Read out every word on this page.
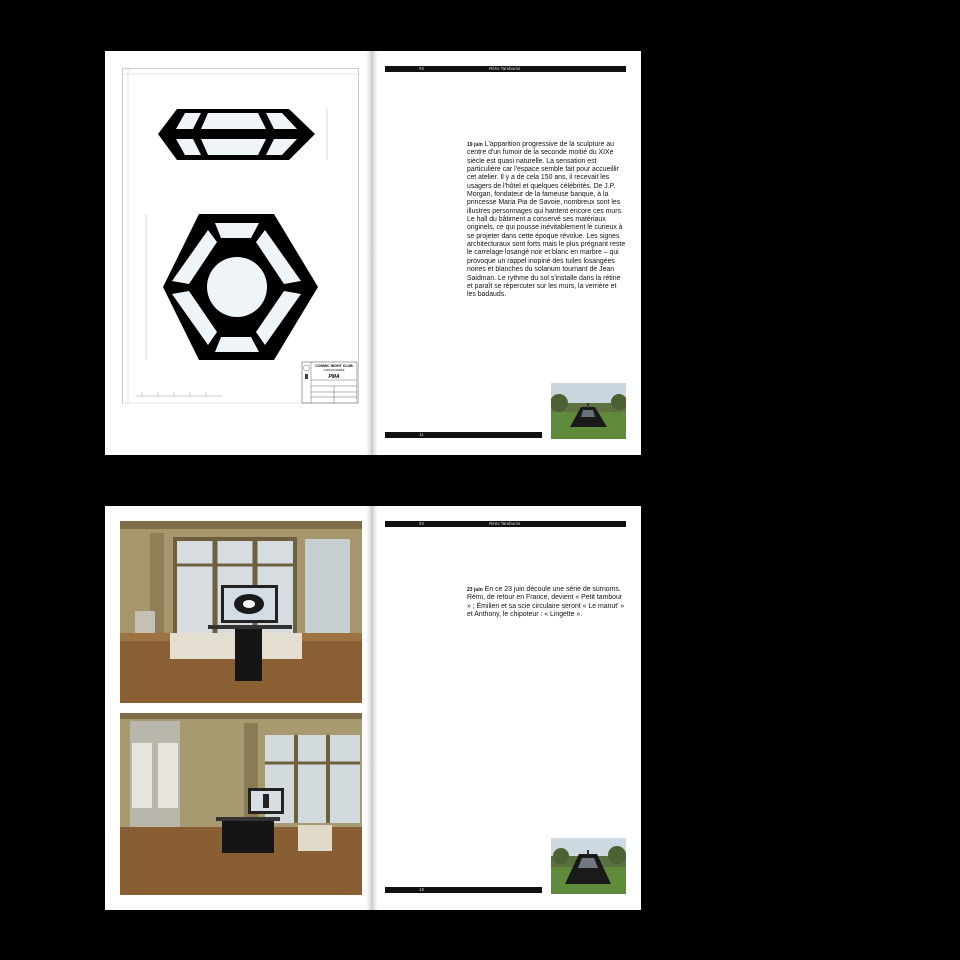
COSMIC NIGHT CLUB
CAPSULE MOBILE
PMA
#2	Rémi Tamburini
19 juin L'apparition progressive de la sculpture au centre d'un fumoir de la seconde moitié du XIXe siècle est quasi naturelle. La sensation est particulière car l'espace semble fait pour accueillir cet atelier. Il y a de cela 150 ans, il recevait les usagers de l'hôtel et quelques célébrités. De J.P. Morgan, fondateur de la fameuse banque, à la princesse Maria Pia de Savoie, nombreux sont les illustres personnages qui hantent encore ces murs. Le hall du bâtiment a conservé ses matériaux originels, ce qui pousse inévitablement le curieux à se projeter dans cette époque révolue. Les signes architecturaux sont forts mais le plus prégnant reste le carrelage losangé noir et blanc en marbre – qui provoque un rappel inopiné des tuiles losangées noires et blanches du solarium tournant de Jean Saidman. Le rythme du sol s'installe dans la rétine et paraît se répercuter sur les murs, la verrière et les badauds.
11
#2	Rémi Tamburini
23 juin En ce 23 juin découle une série de surnoms. Rémi, de retour en France, devient « Petit tambour » ; Émilien et sa scie circulaire seront « Le manut' » et Anthony, le chipoteur : « Lingette ».
19
